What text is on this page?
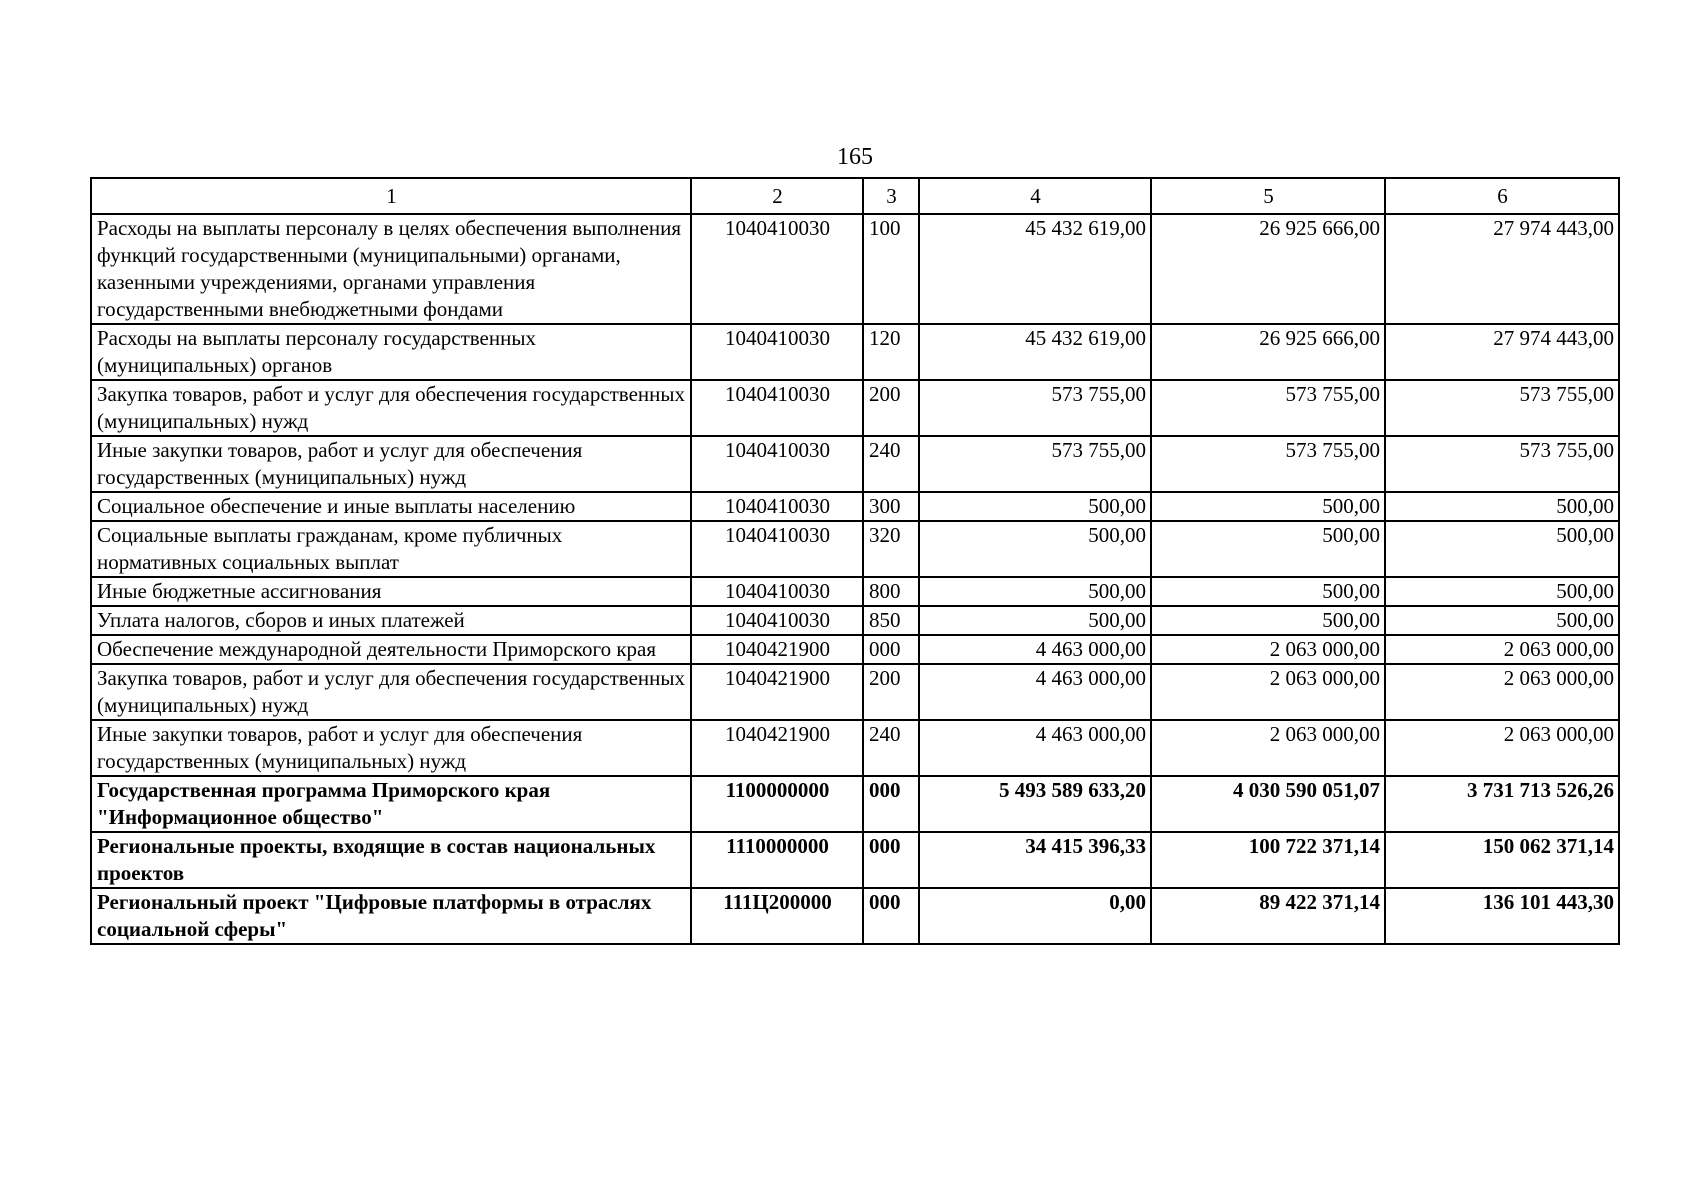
165
1	2	3	4	5	6
Расходы на выплаты персоналу в целях обеспечения выполнения функций государственными (муниципальными) органами, казенными учреждениями, органами управления государственными внебюджетными фондами	1040410030	100	45 432 619,00	26 925 666,00	27 974 443,00
Расходы на выплаты персоналу государственных (муниципальных) органов	1040410030	120	45 432 619,00	26 925 666,00	27 974 443,00
Закупка товаров, работ и услуг для обеспечения государственных (муниципальных) нужд	1040410030	200	573 755,00	573 755,00	573 755,00
Иные закупки товаров, работ и услуг для обеспечения государственных (муниципальных) нужд	1040410030	240	573 755,00	573 755,00	573 755,00
Социальное обеспечение и иные выплаты населению	1040410030	300	500,00	500,00	500,00
Социальные выплаты гражданам, кроме публичных нормативных социальных выплат	1040410030	320	500,00	500,00	500,00
Иные бюджетные ассигнования	1040410030	800	500,00	500,00	500,00
Уплата налогов, сборов и иных платежей	1040410030	850	500,00	500,00	500,00
Обеспечение международной деятельности Приморского края	1040421900	000	4 463 000,00	2 063 000,00	2 063 000,00
Закупка товаров, работ и услуг для обеспечения государственных (муниципальных) нужд	1040421900	200	4 463 000,00	2 063 000,00	2 063 000,00
Иные закупки товаров, работ и услуг для обеспечения государственных (муниципальных) нужд	1040421900	240	4 463 000,00	2 063 000,00	2 063 000,00
Государственная программа Приморского края "Информационное общество"	1100000000	000	5 493 589 633,20	4 030 590 051,07	3 731 713 526,26
Региональные проекты, входящие в состав национальных проектов	1110000000	000	34 415 396,33	100 722 371,14	150 062 371,14
Региональный проект "Цифровые платформы в отраслях социальной сферы"	111Ц200000	000	0,00	89 422 371,14	136 101 443,30
